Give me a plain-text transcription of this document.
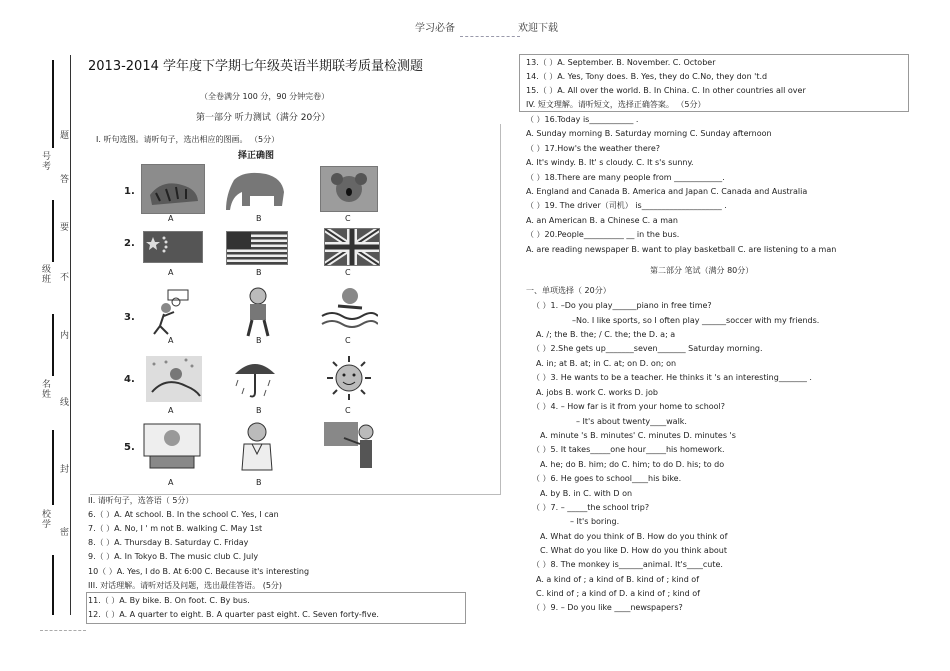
学习必备	欢迎下载
号考
级班
名姓
校学
题
答
要
不
内
线
封
密
2013-2014 学年度下学期七年级英语半期联考质量检测题
（全卷满分 100 分，90 分钟完卷）
第一部分 听力测试（满分 20分）
I. 听句选图。请听句子，选出相应的图画。 （5分）
择正确图
1.
A	B	C
2.
A	B	C
3.
A	B	C
4.
A	B	C
5.
A	B
II. 请听句子，选答语（ 5分）
6.（ ）A. At school. B. In the school C. Yes, I can
7.（ ）A. No, I ' m not B. walking C. May 1st
8.（ ）A. Thursday B. Saturday C. Friday
9.（ ）A. In Tokyo B. The music club C. July
10（ ）A. Yes, I do B. At 6:00 C. Because it's interesting
III. 对话理解。请听对话及问题，选出最佳答语。 (5分)
11.（ ）A. By bike. B. On foot. C. By bus.
12.（ ）A. A quarter to eight. B. A quarter past eight. C. Seven forty-five.
13.（ ）A. September. B. November. C. October
14.（ ）A. Yes, Tony does. B. Yes, they do C.No, they don 't.d
15.（ ）A. All over the world. B. In China. C. In other countries all over
IV. 短文理解。请听短文，选择正确答案。 （5分）
（ ）16.Today is___________ .
A. Sunday morning B. Saturday morning C. Sunday afternoon
（ ）17.How's the weather there?
A. It's windy. B. It' s cloudy. C. It s's sunny.
（ ）18.There are many people from ____________.
A. England and Canada B. America and Japan C. Canada and Australia
（ ）19. The driver（司机） is____________________ .
A. an American B. a Chinese C. a man
（ ）20.People__________ __ in the bus.
A. are reading newspaper B. want to play basketball C. are listening to a man
第二部分 笔试（满分 80分）
一、单项选择（ 20分）
（ ）1. –Do you play______piano in free time?
–No. I like sports, so I often play ______soccer with my friends.
A. /; the B. the; / C. the; the D. a; a
（ ）2.She gets up_______seven_______ Saturday morning.
A. in; at B. at; in C. at; on D. on; on
（ ）3. He wants to be a teacher. He thinks it 's an interesting_______ .
A. jobs B. work C. works D. job
（ ）4. – How far is it from your home to school?
– It's about twenty____walk.
A. minute 's B. minutes' C. minutes D. minutes 's
（ ）5. It takes_____one hour_____his homework.
A. he; do B. him; do C. him; to do D. his; to do
（ ）6. He goes to school____his bike.
A. by B. in C. with D on
（ ）7. – _____the school trip?
– It's boring.
A. What do you think of B. How do you think of
C. What do you like D. How do you think about
（ ）8. The monkey is______animal. It's____cute.
A. a kind of ; a kind of B. kind of ; kind of
C. kind of ; a kind of D. a kind of ; kind of
（ ）9. – Do you like ____newspapers?
